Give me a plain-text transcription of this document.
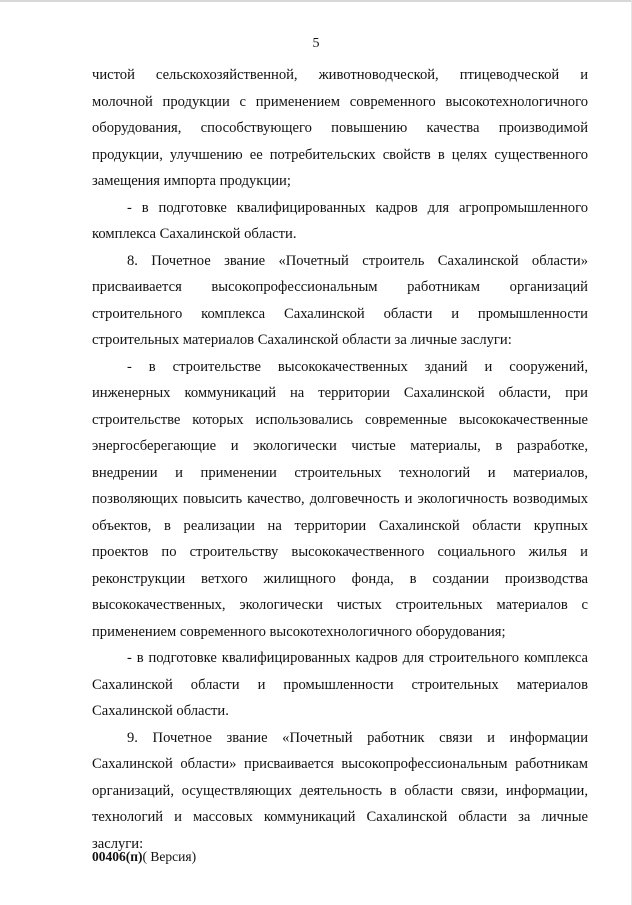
5
чистой сельскохозяйственной, животноводческой, птицеводческой и
молочной продукции с применением современного высокотехнологичного
оборудования, способствующего повышению качества производимой
продукции, улучшению ее потребительских свойств в целях существенного
замещения импорта продукции;
- в подготовке квалифицированных кадров для агропромышленного
комплекса Сахалинской области.
8. Почетное звание «Почетный строитель Сахалинской области»
присваивается высокопрофессиональным работникам организаций
строительного комплекса Сахалинской области и промышленности
строительных материалов Сахалинской области за личные заслуги:
- в строительстве высококачественных зданий и сооружений,
инженерных коммуникаций на территории Сахалинской области, при
строительстве которых использовались современные высококачественные
энергосберегающие и экологически чистые материалы, в разработке,
внедрении и применении строительных технологий и материалов,
позволяющих повысить качество, долговечность и экологичность возводимых
объектов, в реализации на территории Сахалинской области крупных
проектов по строительству высококачественного социального жилья и
реконструкции ветхого жилищного фонда, в создании производства
высококачественных, экологически чистых строительных материалов с
применением современного высокотехнологичного оборудования;
- в подготовке квалифицированных кадров для строительного комплекса
Сахалинской области и промышленности строительных материалов
Сахалинской области.
9. Почетное звание «Почетный работник связи и информации
Сахалинской области» присваивается высокопрофессиональным работникам
организаций, осуществляющих деятельность в области связи, информации,
технологий и массовых коммуникаций Сахалинской области за личные
заслуги:
00406(п)( Версия)
